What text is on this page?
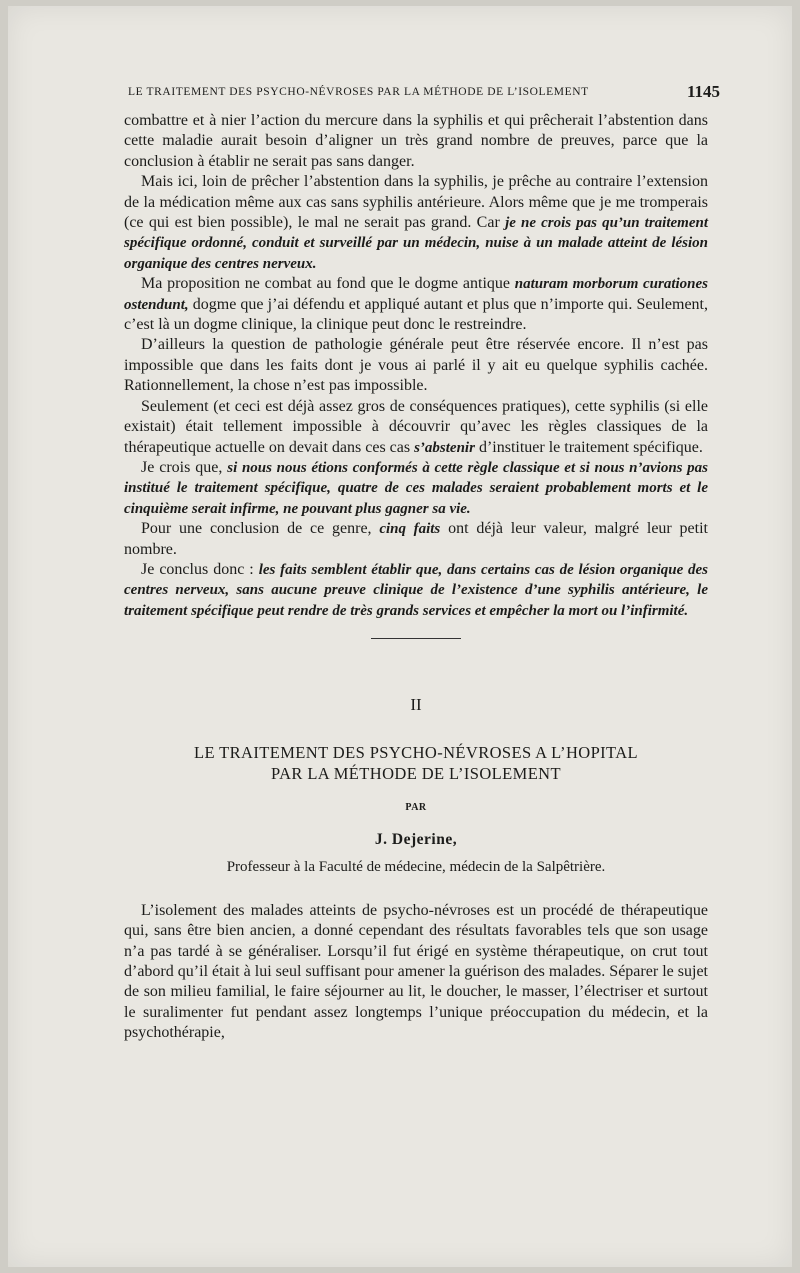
LE TRAITEMENT DES PSYCHO-NÉVROSES PAR LA MÉTHODE DE L’ISOLEMENT	1145

combattre et à nier l’action du mercure dans la syphilis et qui prêcherait l’abstention dans cette maladie aurait besoin d’aligner un très grand nombre de preuves, parce que la conclusion à établir ne serait pas sans danger.

Mais ici, loin de prêcher l’abstention dans la syphilis, je prêche au contraire l’extension de la médication même aux cas sans syphilis antérieure. Alors même que je me tromperais (ce qui est bien possible), le mal ne serait pas grand. Car je ne crois pas qu’un traitement spécifique ordonné, conduit et surveillé par un médecin, nuise à un malade atteint de lésion organique des centres nerveux.

Ma proposition ne combat au fond que le dogme antique naturam morborum curationes ostendunt, dogme que j’ai défendu et appliqué autant et plus que n’importe qui. Seulement, c’est là un dogme clinique, la clinique peut donc le restreindre.

D’ailleurs la question de pathologie générale peut être réservée encore. Il n’est pas impossible que dans les faits dont je vous ai parlé il y ait eu quelque syphilis cachée. Rationnellement, la chose n’est pas impossible.

Seulement (et ceci est déjà assez gros de conséquences pratiques), cette syphilis (si elle existait) était tellement impossible à découvrir qu’avec les règles classiques de la thérapeutique actuelle on devait dans ces cas s’abstenir d’instituer le traitement spécifique.

Je crois que, si nous nous étions conformés à cette règle classique et si nous n’avions pas institué le traitement spécifique, quatre de ces malades seraient probablement morts et le cinquième serait infirme, ne pouvant plus gagner sa vie.

Pour une conclusion de ce genre, cinq faits ont déjà leur valeur, malgré leur petit nombre.

Je conclus donc : les faits semblent établir que, dans certains cas de lésion organique des centres nerveux, sans aucune preuve clinique de l’existence d’une syphilis antérieure, le traitement spécifique peut rendre de très grands services et empêcher la mort ou l’infirmité.

II
LE TRAITEMENT DES PSYCHO-NÉVROSES A L’HOPITAL
PAR LA MÉTHODE DE L’ISOLEMENT
PAR
J. Dejerine,
Professeur à la Faculté de médecine, médecin de la Salpêtrière.

L’isolement des malades atteints de psycho-névroses est un procédé de thérapeutique qui, sans être bien ancien, a donné cependant des résultats favorables tels que son usage n’a pas tardé à se généraliser. Lorsqu’il fut érigé en système thérapeutique, on crut tout d’abord qu’il était à lui seul suffisant pour amener la guérison des malades. Séparer le sujet de son milieu familial, le faire séjourner au lit, le doucher, le masser, l’électriser et surtout le suralimenter fut pendant assez longtemps l’unique préoccupation du médecin, et la psychothérapie,
